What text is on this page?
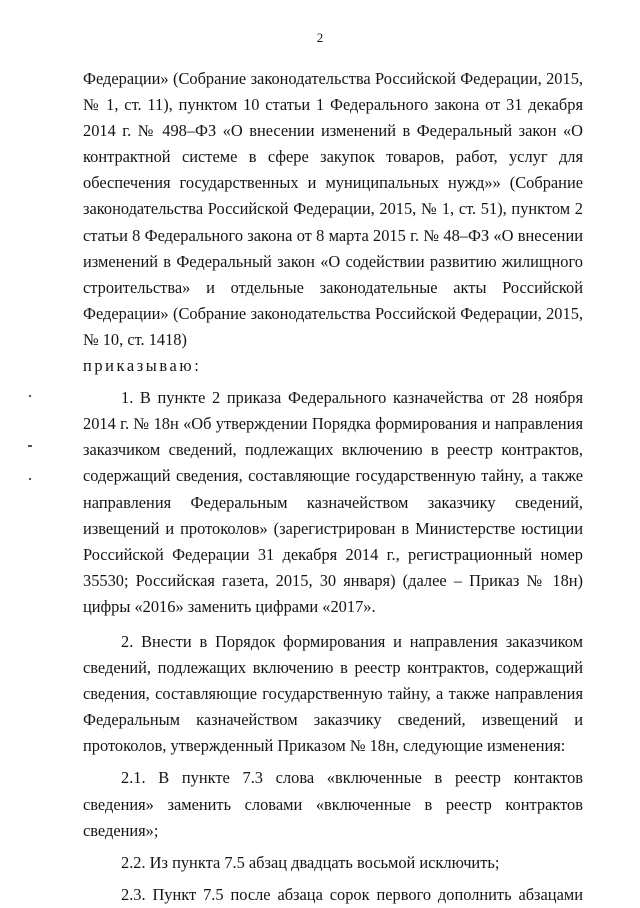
2

Федерации» (Собрание законодательства Российской Федерации, 2015, № 1, ст. 11), пунктом 10 статьи 1 Федерального закона от 31 декабря 2014 г. № 498–ФЗ «О внесении изменений в Федеральный закон «О контрактной системе в сфере закупок товаров, работ, услуг для обеспечения государственных и муниципальных нужд»» (Собрание законодательства Российской Федерации, 2015, № 1, ст. 51), пунктом 2 статьи 8 Федерального закона от 8 марта 2015 г. № 48–ФЗ «О внесении изменений в Федеральный закон «О содействии развитию жилищного строительства» и отдельные законодательные акты Российской Федерации» (Собрание законодательства Российской Федерации, 2015, № 10, ст. 1418)

приказываю:

1. В пункте 2 приказа Федерального казначейства от 28 ноября 2014 г. № 18н «Об утверждении Порядка формирования и направления заказчиком сведений, подлежащих включению в реестр контрактов, содержащий сведения, составляющие государственную тайну, а также направления Федеральным казначейством заказчику сведений, извещений и протоколов» (зарегистрирован в Министерстве юстиции Российской Федерации 31 декабря 2014 г., регистрационный номер 35530; Российская газета, 2015, 30 января) (далее – Приказ № 18н) цифры «2016» заменить цифрами «2017».

2. Внести в Порядок формирования и направления заказчиком сведений, подлежащих включению в реестр контрактов, содержащий сведения, составляющие государственную тайну, а также направления Федеральным казначейством заказчику сведений, извещений и протоколов, утвержденный Приказом № 18н, следующие изменения:

2.1. В пункте 7.3 слова «включенные в реестр контактов сведения» заменить словами «включенные в реестр контрактов сведения»;

2.2. Из пункта 7.5 абзац двадцать восьмой исключить;

2.3. Пункт 7.5 после абзаца сорок первого дополнить абзацами
